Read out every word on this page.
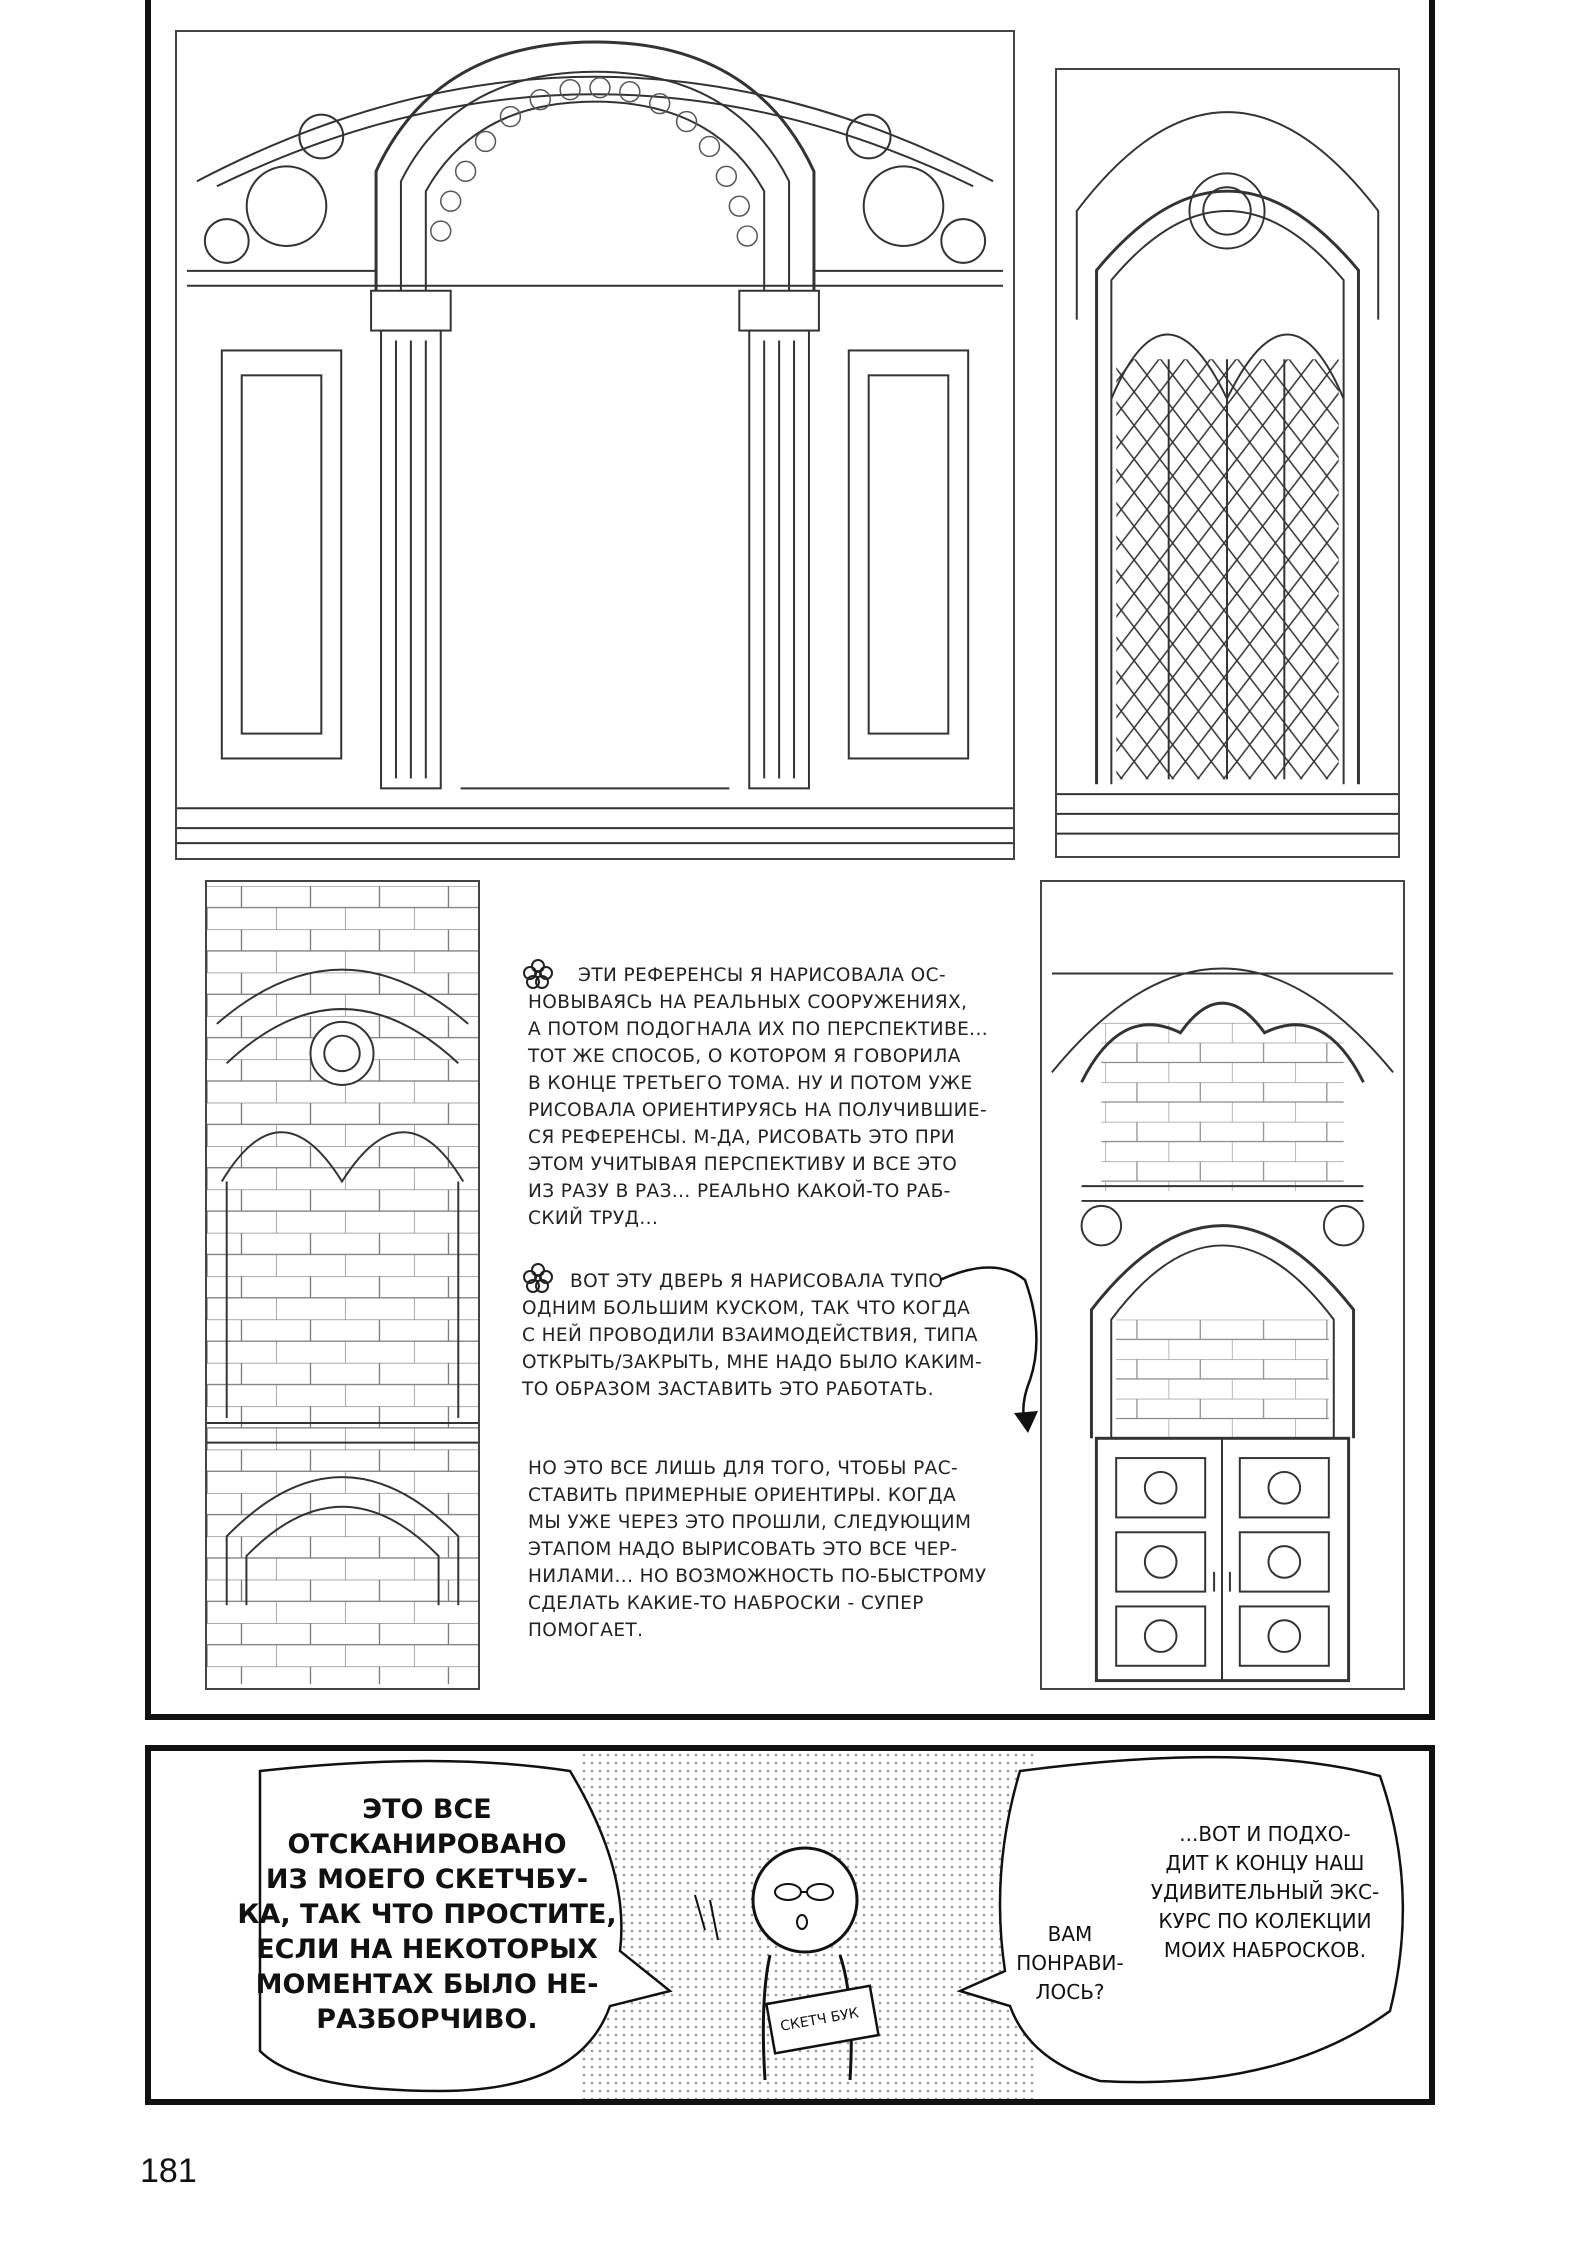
ЭТИ РЕФЕРЕНСЫ Я НАРИСОВАЛА ОС-
НОВЫВАЯСЬ НА РЕАЛЬНЫХ СООРУЖЕНИЯХ,
А ПОТОМ ПОДОГНАЛА ИХ ПО ПЕРСПЕКТИВЕ...
ТОТ ЖЕ СПОСОБ, О КОТОРОМ Я ГОВОРИЛА
В КОНЦЕ ТРЕТЬЕГО ТОМА. НУ И ПОТОМ УЖЕ
РИСОВАЛА ОРИЕНТИРУЯСЬ НА ПОЛУЧИВШИЕ-
СЯ РЕФЕРЕНСЫ. М-ДА, РИСОВАТЬ ЭТО ПРИ
ЭТОМ УЧИТЫВАЯ ПЕРСПЕКТИВУ И ВСЕ ЭТО
ИЗ РАЗУ В РАЗ... РЕАЛЬНО КАКОЙ-ТО РАБ-
СКИЙ ТРУД...
ВОТ ЭТУ ДВЕРЬ Я НАРИСОВАЛА ТУПО
ОДНИМ БОЛЬШИМ КУСКОМ, ТАК ЧТО КОГДА
С НЕЙ ПРОВОДИЛИ ВЗАИМОДЕЙСТВИЯ, ТИПА
ОТКРЫТЬ/ЗАКРЫТЬ, МНЕ НАДО БЫЛО КАКИМ-
ТО ОБРАЗОМ ЗАСТАВИТЬ ЭТО РАБОТАТЬ.
НО ЭТО ВСЕ ЛИШЬ ДЛЯ ТОГО, ЧТОБЫ РАС-
СТАВИТЬ ПРИМЕРНЫЕ ОРИЕНТИРЫ. КОГДА
МЫ УЖЕ ЧЕРЕЗ ЭТО ПРОШЛИ, СЛЕДУЮЩИМ
ЭТАПОМ НАДО ВЫРИСОВАТЬ ЭТО ВСЕ ЧЕР-
НИЛАМИ... НО ВОЗМОЖНОСТЬ ПО-БЫСТРОМУ
СДЕЛАТЬ КАКИЕ-ТО НАБРОСКИ - СУПЕР
ПОМОГАЕТ.
СКЕТЧ БУК
ЭТО ВСЕ
ОТСКАНИРОВАНО
ИЗ МОЕГО СКЕТЧБУ-
КА, ТАК ЧТО ПРОСТИТЕ,
ЕСЛИ НА НЕКОТОРЫХ
МОМЕНТАХ БЫЛО НЕ-
РАЗБОРЧИВО.
ВАМ
ПОНРАВИ-
ЛОСЬ?
...ВОТ И ПОДХО-
ДИТ К КОНЦУ НАШ
УДИВИТЕЛЬНЫЙ ЭКС-
КУРС ПО КОЛЕКЦИИ
МОИХ НАБРОСКОВ.
181
